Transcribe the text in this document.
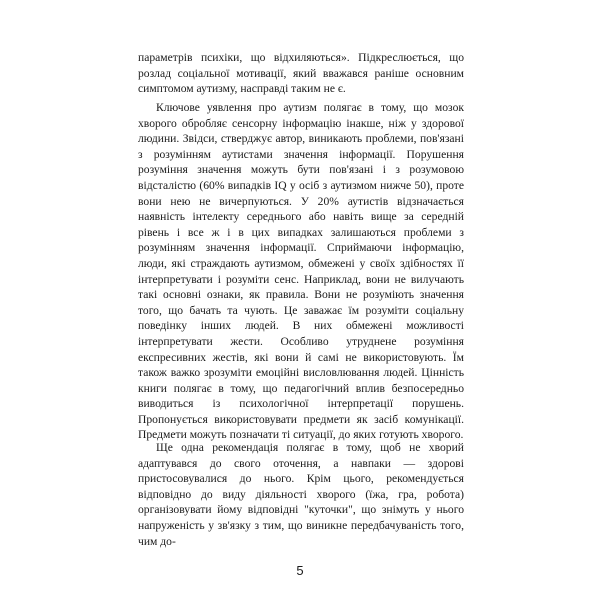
параметрів психіки, що відхиляються». Підкреслюється, що розлад соціальної мотивації, який вважався раніше основним симптомом аутизму, насправді таким не є.

Ключове уявлення про аутизм полягає в тому, що мозок хворого обробляє сенсорну інформацію інакше, ніж у здорової людини. Звідси, стверджує автор, виникають проблеми, пов'язані з розумінням аутистами значення інформації. Порушення розуміння значення можуть бути пов'язані і з розумовою відсталістю (60% випадків IQ у осіб з аутизмом нижче 50), проте вони нею не вичерпуються. У 20% аутистів відзначається наявність інтелекту середнього або навіть вище за середній рівень і все ж і в цих випадках залишаються проблеми з розумінням значення інформації. Сприймаючи інформацію, люди, які страждають аутизмом, обмежені у своїх здібностях її інтерпретувати і розуміти сенс. Наприклад, вони не вилучають такі основні ознаки, як правила. Вони не розуміють значення того, що бачать та чують. Це заважає їм розуміти соціальну поведінку інших людей. В них обмежені можливості інтерпретувати жести. Особливо утруднене розуміння експресивних жестів, які вони й самі не використовують. Їм також важко зрозуміти емоційні висловлювання людей. Цінність книги полягає в тому, що педагогічний вплив безпосередньо виводиться із психологічної інтерпретації порушень. Пропонується використовувати предмети як засіб комунікації. Предмети можуть позначати ті ситуації, до яких готують хворого.

Ще одна рекомендація полягає в тому, щоб не хворий адаптувався до свого оточення, а навпаки — здорові пристосовувалися до нього. Крім цього, рекомендується відповідно до виду діяльності хворого (їжа, гра, робота) організовувати йому відповідні "куточки", що знімуть у нього напруженість у зв'язку з тим, що виникне передбачуваність того, чим до-

5
